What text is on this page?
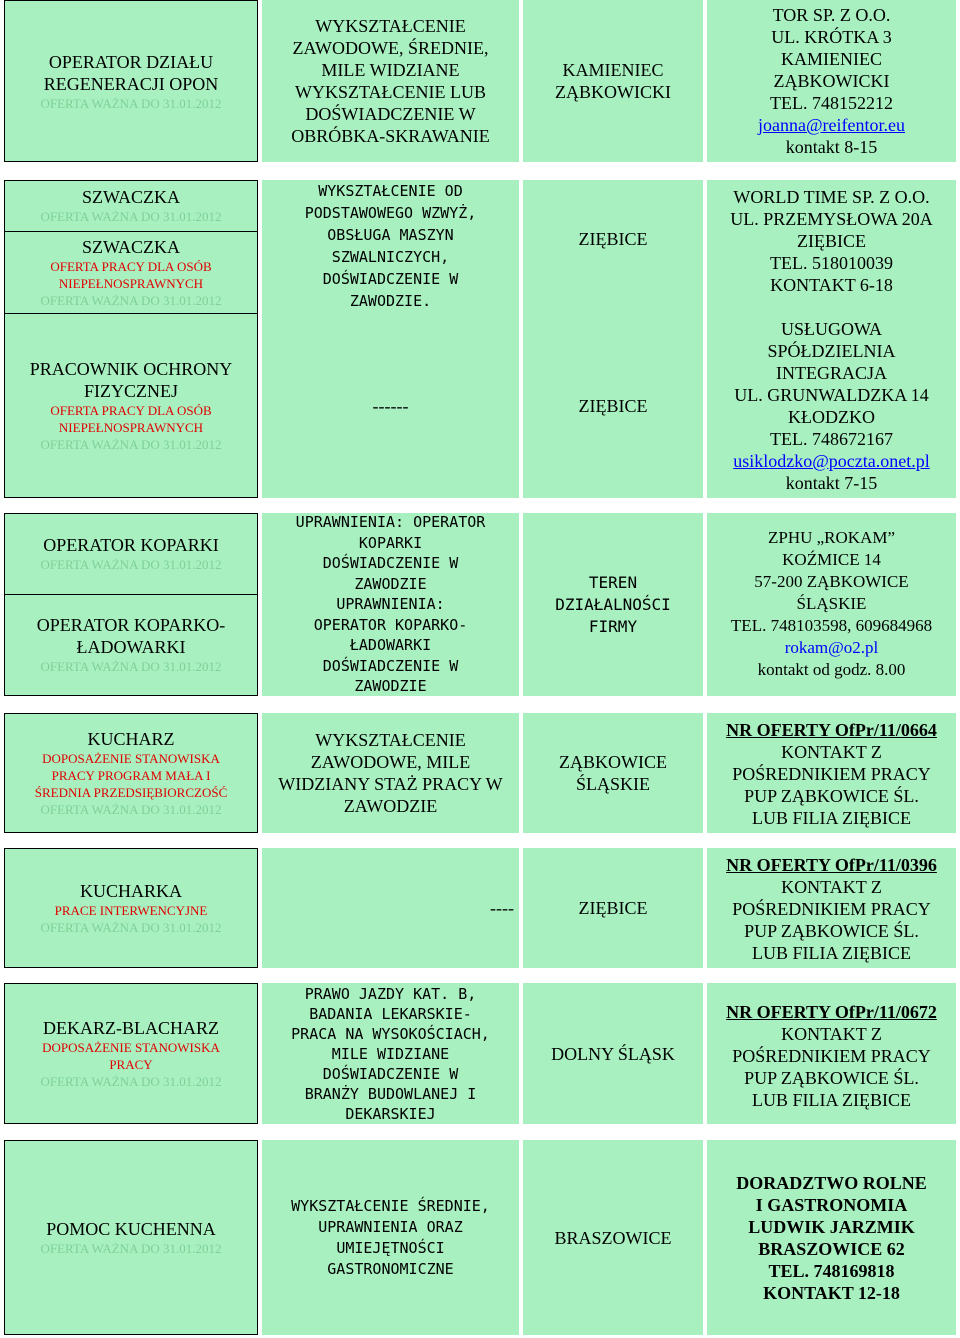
OPERATOR DZIAŁU REGENERACJI OPON
OFERTA WAŻNA DO 31.01.2012
WYKSZTAŁCENIE
ZAWODOWE, ŚREDNIE,
MILE WIDZIANE
WYKSZTAŁCENIE LUB
DOŚWIADCZENIE W
OBRÓBKA-SKRAWANIE
KAMIENIEC
ZĄBKOWICKI
TOR SP. Z O.O.
UL. KRÓTKA 3
KAMIENIEC
ZĄBKOWICKI
TEL. 748152212
joanna@reifentor.eu
kontakt 8-15
SZWACZKA
OFERTA WAŻNA DO 31.01.2012
SZWACZKA
OFERTA PRACY DLA OSÓB NIEPEŁNOSPRAWNYCH
OFERTA WAŻNA DO 31.01.2012
WYKSZTAŁCENIE OD
PODSTAWOWEGO WZWYŻ,
OBSŁUGA MASZYN
SZWALNICZYCH,
DOŚWIADCZENIE W
ZAWODZIE.
ZIĘBICE
WORLD TIME SP. Z O.O.
UL. PRZEMYSŁOWA 20A
ZIĘBICE
TEL. 518010039
KONTAKT 6-18
PRACOWNIK OCHRONY FIZYCZNEJ
OFERTA PRACY DLA OSÓB NIEPEŁNOSPRAWNYCH
OFERTA WAŻNA DO 31.01.2012
------	ZIĘBICE
USŁUGOWA
SPÓŁDZIELNIA
INTEGRACJA
UL. GRUNWALDZKA 14
KŁODZKO
TEL. 748672167
usiklodzko@poczta.onet.pl
kontakt 7-15
OPERATOR KOPARKI
OFERTA WAŻNA DO 31.01.2012
OPERATOR KOPARKO-ŁADOWARKI
OFERTA WAŻNA DO 31.01.2012
UPRAWNIENIA: OPERATOR
KOPARKI
DOŚWIADCZENIE W
ZAWODZIE
UPRAWNIENIA:
OPERATOR KOPARKO-
ŁADOWARKI
DOŚWIADCZENIE W
ZAWODZIE
TEREN
DZIAŁALNOŚCI
FIRMY
ZPHU „ROKAM”
KOŹMICE 14
57-200 ZĄBKOWICE
ŚLĄSKIE
TEL. 748103598, 609684968
rokam@o2.pl
kontakt od godz. 8.00
KUCHARZ
DOPOSAŻENIE STANOWISKA PRACY PROGRAM MAŁA I ŚREDNIA PRZEDSIĘBIORCZOŚĆ
OFERTA WAŻNA DO 31.01.2012
WYKSZTAŁCENIE
ZAWODOWE, MILE
WIDZIANY STAŻ PRACY W
ZAWODZIE
ZĄBKOWICE
ŚLĄSKIE
NR OFERTY OfPr/11/0664
KONTAKT Z
POŚREDNIKIEM PRACY
PUP ZĄBKOWICE ŚL.
LUB FILIA ZIĘBICE
KUCHARKA
PRACE INTERWENCYJNE
OFERTA WAŻNA DO 31.01.2012
----	ZIĘBICE
NR OFERTY OfPr/11/0396
KONTAKT Z
POŚREDNIKIEM PRACY
PUP ZĄBKOWICE ŚL.
LUB FILIA ZIĘBICE
DEKARZ-BLACHARZ
DOPOSAŻENIE STANOWISKA PRACY
OFERTA WAŻNA DO 31.01.2012
PRAWO JAZDY KAT. B,
BADANIA LEKARSKIE-
PRACA NA WYSOKOŚCIACH,
MILE WIDZIANE
DOŚWIADCZENIE W
BRANŻY BUDOWLANEJ I
DEKARSKIEJ
DOLNY ŚLĄSK
NR OFERTY OfPr/11/0672
KONTAKT Z
POŚREDNIKIEM PRACY
PUP ZĄBKOWICE ŚL.
LUB FILIA ZIĘBICE
POMOC KUCHENNA
OFERTA WAŻNA DO 31.01.2012
WYKSZTAŁCENIE ŚREDNIE,
UPRAWNIENIA ORAZ
UMIEJĘTNOŚCI
GASTRONOMICZNE
BRASZOWICE
DORADZTWO ROLNE
I GASTRONOMIA
LUDWIK JARZMIK
BRASZOWICE 62
TEL. 748169818
KONTAKT 12-18
